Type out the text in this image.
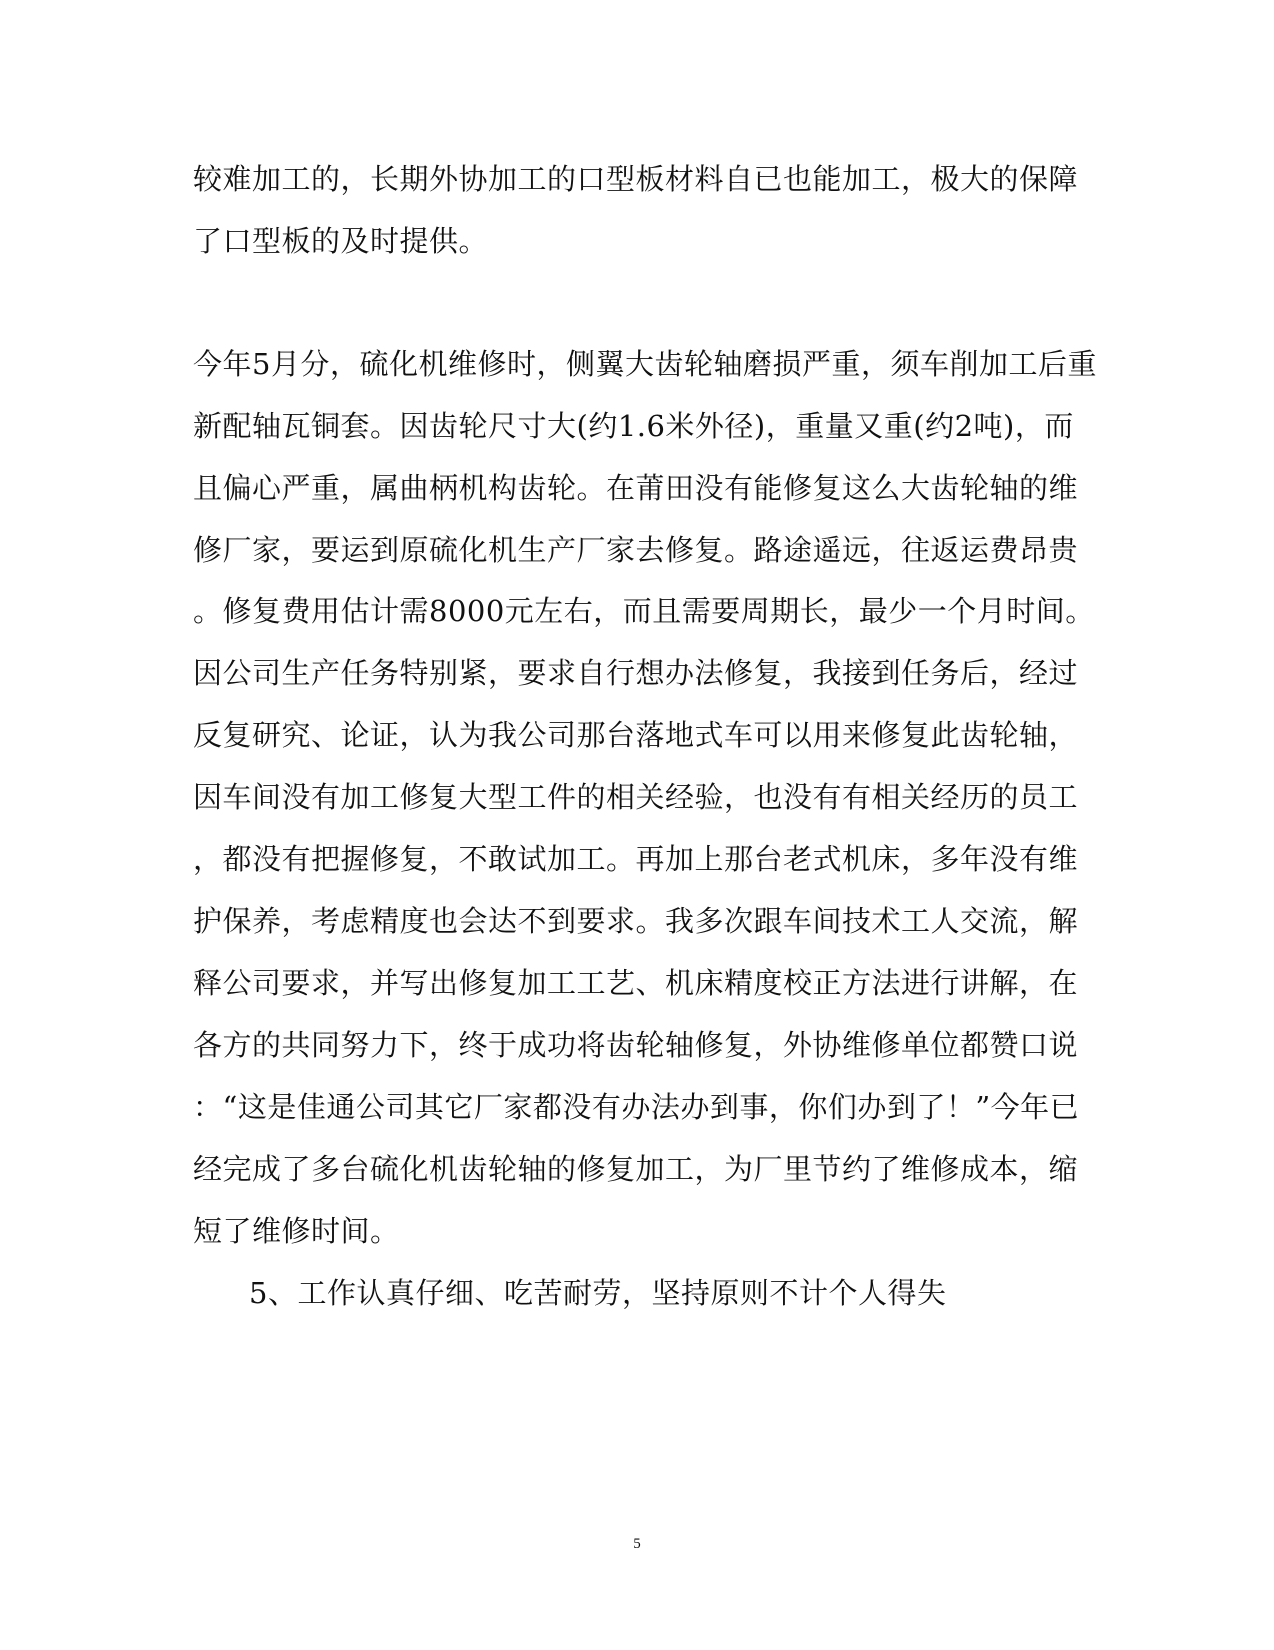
较难加工的，长期外协加工的口型板材料自已也能加工，极大的保障
了口型板的及时提供。
今年5月分，硫化机维修时，侧翼大齿轮轴磨损严重，须车削加工后重
新配轴瓦铜套。因齿轮尺寸大(约1.6米外径)，重量又重(约2吨)，而
且偏心严重，属曲柄机构齿轮。在莆田没有能修复这么大齿轮轴的维
修厂家，要运到原硫化机生产厂家去修复。路途遥远，往返运费昂贵
。修复费用估计需8000元左右，而且需要周期长，最少一个月时间。
因公司生产任务特别紧，要求自行想办法修复，我接到任务后，经过
反复研究、论证，认为我公司那台落地式车可以用来修复此齿轮轴，
因车间没有加工修复大型工件的相关经验，也没有有相关经历的员工
，都没有把握修复，不敢试加工。再加上那台老式机床，多年没有维
护保养，考虑精度也会达不到要求。我多次跟车间技术工人交流，解
释公司要求，并写出修复加工工艺、机床精度校正方法进行讲解，在
各方的共同努力下，终于成功将齿轮轴修复，外协维修单位都赞口说
：“这是佳通公司其它厂家都没有办法办到事，你们办到了！”今年已
经完成了多台硫化机齿轮轴的修复加工，为厂里节约了维修成本，缩
短了维修时间。
5、工作认真仔细、吃苦耐劳，坚持原则不计个人得失
5
